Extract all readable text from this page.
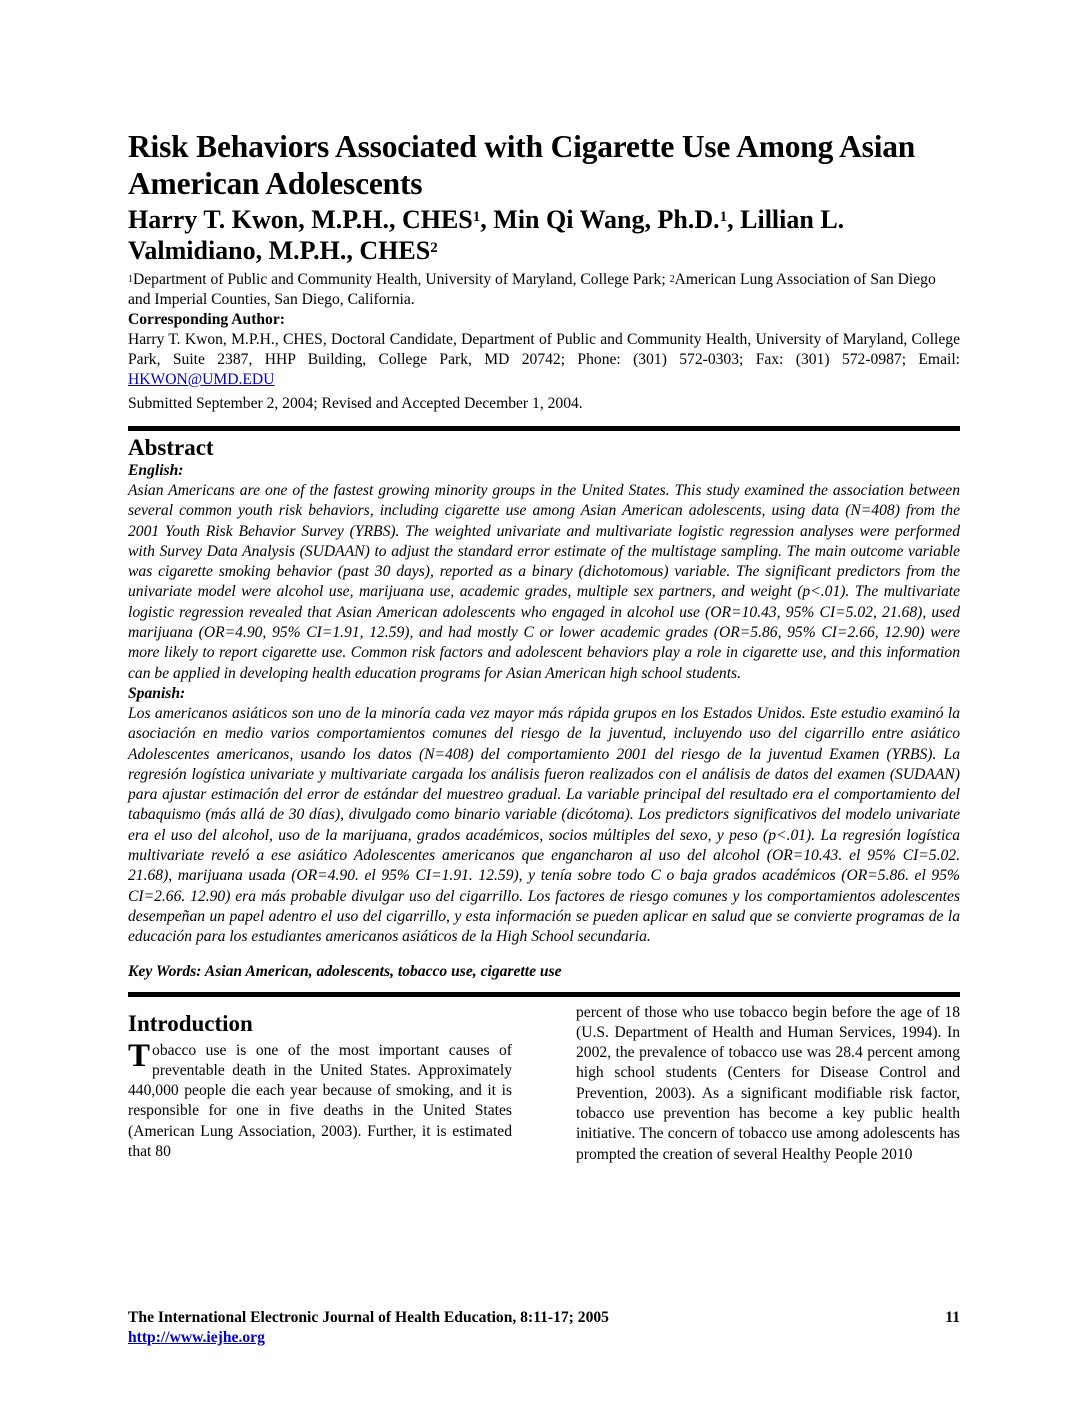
Risk Behaviors Associated with Cigarette Use Among Asian American Adolescents
Harry T. Kwon, M.P.H., CHES$^1$, Min Qi Wang, Ph.D.$^1$, Lillian L. Valmidiano, M.P.H., CHES$^2$

$^1$Department of Public and Community Health, University of Maryland, College Park; $^2$American Lung Association of San Diego and Imperial Counties, San Diego, California.

Corresponding Author:

Harry T. Kwon, M.P.H., CHES, Doctoral Candidate, Department of Public and Community Health, University of Maryland, College Park, Suite 2387, HHP Building, College Park, MD 20742; Phone: (301) 572-0303; Fax: (301) 572-0987; Email: HKWON@UMD.EDU

Submitted September 2, 2004; Revised and Accepted December 1, 2004.

Abstract

English:

Asian Americans are one of the fastest growing minority groups in the United States. This study examined the association between several common youth risk behaviors, including cigarette use among Asian American adolescents, using data (N=408) from the 2001 Youth Risk Behavior Survey (YRBS). The weighted univariate and multivariate logistic regression analyses were performed with Survey Data Analysis (SUDAAN) to adjust the standard error estimate of the multistage sampling. The main outcome variable was cigarette smoking behavior (past 30 days), reported as a binary (dichotomous) variable. The significant predictors from the univariate model were alcohol use, marijuana use, academic grades, multiple sex partners, and weight (p<.01). The multivariate logistic regression revealed that Asian American adolescents who engaged in alcohol use (OR=10.43, 95% CI=5.02, 21.68), used marijuana (OR=4.90, 95% CI=1.91, 12.59), and had mostly C or lower academic grades (OR=5.86, 95% CI=2.66, 12.90) were more likely to report cigarette use. Common risk factors and adolescent behaviors play a role in cigarette use, and this information can be applied in developing health education programs for Asian American high school students.

Spanish:

Los americanos asiáticos son uno de la minoría cada vez mayor más rápida grupos en los Estados Unidos. Este estudio examinó la asociación en medio varios comportamientos comunes del riesgo de la juventud, incluyendo uso del cigarrillo entre asiático Adolescentes americanos, usando los datos (N=408) del comportamiento 2001 del riesgo de la juventud Examen (YRBS). La regresión logística univariate y multivariate cargada los análisis fueron realizados con el análisis de datos del examen (SUDAAN) para ajustar estimación del error de estándar del muestreo gradual. La variable principal del resultado era el comportamiento del tabaquismo (más allá de 30 días), divulgado como binario variable (dicótoma). Los predictors significativos del modelo univariate era el uso del alcohol, uso de la marijuana, grados académicos, socios múltiples del sexo, y peso (p<.01). La regresión logística multivariate reveló a ese asiático Adolescentes americanos que engancharon al uso del alcohol (OR=10.43. el 95% CI=5.02. 21.68), marijuana usada (OR=4.90. el 95% CI=1.91. 12.59), y tenía sobre todo C o baja grados académicos (OR=5.86. el 95% CI=2.66. 12.90) era más probable divulgar uso del cigarrillo. Los factores de riesgo comunes y los comportamientos adolescentes desempeñan un papel adentro el uso del cigarrillo, y esta información se pueden aplicar en salud que se convierte programas de la educación para los estudiantes americanos asiáticos de la High School secundaria.

Key Words: Asian American, adolescents, tobacco use, cigarette use

Introduction

Tobacco use is one of the most important causes of preventable death in the United States. Approximately 440,000 people die each year because of smoking, and it is responsible for one in five deaths in the United States (American Lung Association, 2003). Further, it is estimated that 80

percent of those who use tobacco begin before the age of 18 (U.S. Department of Health and Human Services, 1994). In 2002, the prevalence of tobacco use was 28.4 percent among high school students (Centers for Disease Control and Prevention, 2003). As a significant modifiable risk factor, tobacco use prevention has become a key public health initiative. The concern of tobacco use among adolescents has prompted the creation of several Healthy People 2010

The International Electronic Journal of Health Education, 8:11-17; 2005	11
http://www.iejhe.org
